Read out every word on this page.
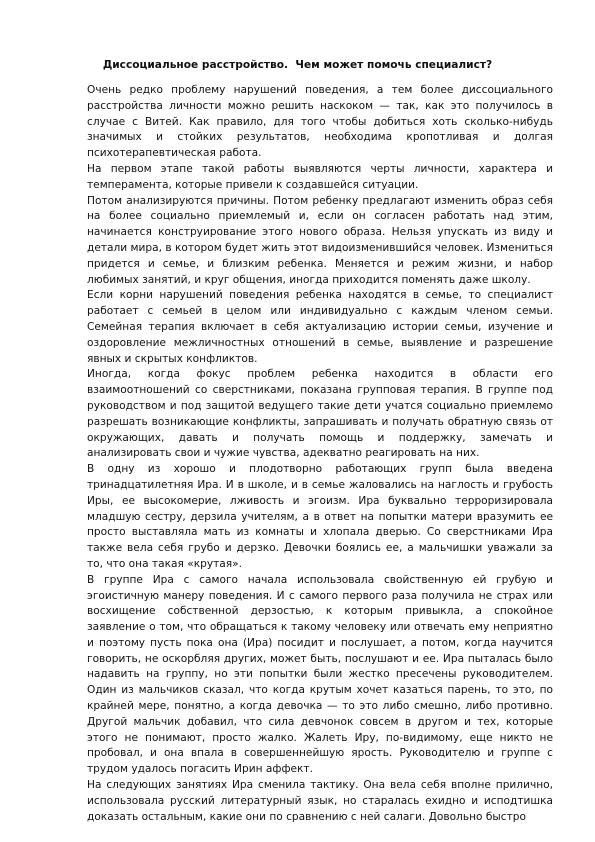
Диссоциальное расстройство. Чем может помочь специалист?

Очень редко проблему нарушений поведения, а тем более диссоциального расстройства личности можно решить наскоком — так, как это получилось в случае с Витей. Как правило, для того чтобы добиться хоть сколько-нибудь значимых и стойких результатов, необходима кропотливая и долгая психотерапевтическая работа.

На первом этапе такой работы выявляются черты личности, характера и темперамента, которые привели к создавшейся ситуации.

Потом анализируются причины. Потом ребенку предлагают изменить образ себя на более социально приемлемый и, если он согласен работать над этим, начинается конструирование этого нового образа. Нельзя упускать из виду и детали мира, в котором будет жить этот видоизменившийся человек. Измениться придется и семье, и близким ребенка. Меняется и режим жизни, и набор любимых занятий, и круг общения, иногда приходится поменять даже школу.

Если корни нарушений поведения ребенка находятся в семье, то специалист работает с семьей в целом или индивидуально с каждым членом семьи. Семейная терапия включает в себя актуализацию истории семьи, изучение и оздоровление межличностных отношений в семье, выявление и разрешение явных и скрытых конфликтов.

Иногда, когда фокус проблем ребенка находится в области его взаимоотношений со сверстниками, показана групповая терапия. В группе под руководством и под защитой ведущего такие дети учатся социально приемлемо разрешать возникающие конфликты, запрашивать и получать обратную связь от окружающих, давать и получать помощь и поддержку, замечать и анализировать свои и чужие чувства, адекватно реагировать на них.

В одну из хорошо и плодотворно работающих групп была введена тринадцатилетняя Ира. И в школе, и в семье жаловались на наглость и грубость Иры, ее высокомерие, лживость и эгоизм. Ира буквально терроризировала младшую сестру, дерзила учителям, а в ответ на попытки матери вразумить ее просто выставляла мать из комнаты и хлопала дверью. Со сверстниками Ира также вела себя грубо и дерзко. Девочки боялись ее, а мальчишки уважали за то, что она такая «крутая».

В группе Ира с самого начала использовала свойственную ей грубую и эгоистичную манеру поведения. И с самого первого раза получила не страх или восхищение собственной дерзостью, к которым привыкла, а спокойное заявление о том, что обращаться к такому человеку или отвечать ему неприятно и поэтому пусть пока она (Ира) посидит и послушает, а потом, когда научится говорить, не оскорбляя других, может быть, послушают и ее. Ира пыталась было надавить на группу, но эти попытки были жестко пресечены руководителем. Один из мальчиков сказал, что когда крутым хочет казаться парень, то это, по крайней мере, понятно, а когда девочка — то это либо смешно, либо противно. Другой мальчик добавил, что сила девчонок совсем в другом и тех, которые этого не понимают, просто жалко. Жалеть Иру, по-видимому, еще никто не пробовал, и она впала в совершеннейшую ярость. Руководителю и группе с трудом удалось погасить Ирин аффект.

На следующих занятиях Ира сменила тактику. Она вела себя вполне прилично, использовала русский литературный язык, но старалась ехидно и исподтишка доказать остальным, какие они по сравнению с ней салаги. Довольно быстро
